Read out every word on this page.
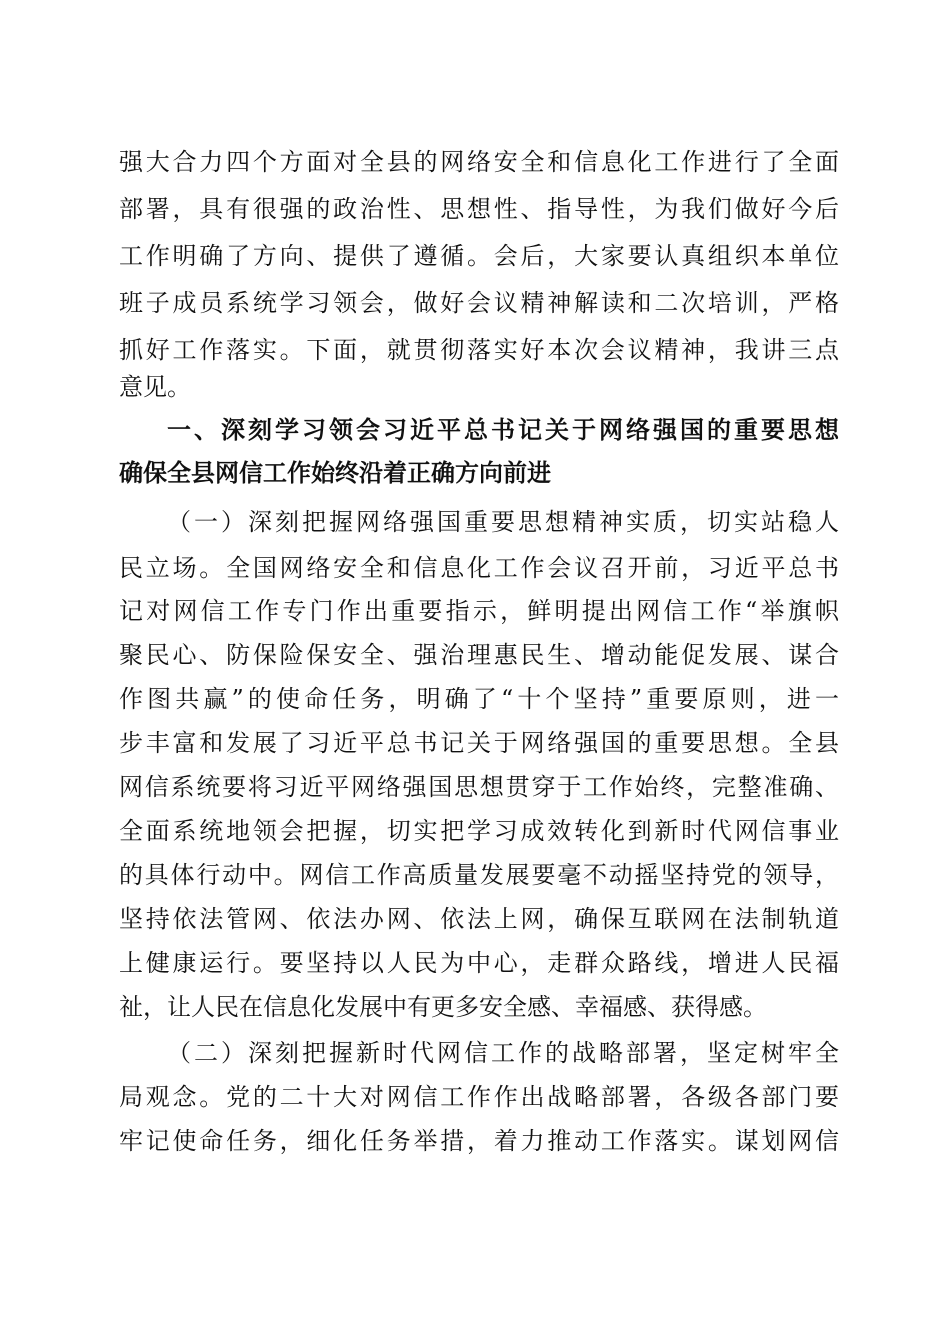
强大合力四个方面对全县的网络安全和信息化工作进行了全面
部署，具有很强的政治性、思想性、指导性，为我们做好今后
工作明确了方向、提供了遵循。会后，大家要认真组织本单位
班子成员系统学习领会，做好会议精神解读和二次培训，严格
抓好工作落实。下面，就贯彻落实好本次会议精神，我讲三点
意见。
一、深刻学习领会习近平总书记关于网络强国的重要思想
确保全县网信工作始终沿着正确方向前进
（一）深刻把握网络强国重要思想精神实质，切实站稳人
民立场。全国网络安全和信息化工作会议召开前，习近平总书
记对网信工作专门作出重要指示，鲜明提出网信工作“举旗帜
聚民心、防保险保安全、强治理惠民生、增动能促发展、谋合
作图共赢”的使命任务，明确了“十个坚持”重要原则，进一
步丰富和发展了习近平总书记关于网络强国的重要思想。全县
网信系统要将习近平网络强国思想贯穿于工作始终，完整准确、
全面系统地领会把握，切实把学习成效转化到新时代网信事业
的具体行动中。网信工作高质量发展要毫不动摇坚持党的领导，
坚持依法管网、依法办网、依法上网，确保互联网在法制轨道
上健康运行。要坚持以人民为中心，走群众路线，增进人民福
祉，让人民在信息化发展中有更多安全感、幸福感、获得感。
（二）深刻把握新时代网信工作的战略部署，坚定树牢全
局观念。党的二十大对网信工作作出战略部署，各级各部门要
牢记使命任务，细化任务举措，着力推动工作落实。谋划网信
